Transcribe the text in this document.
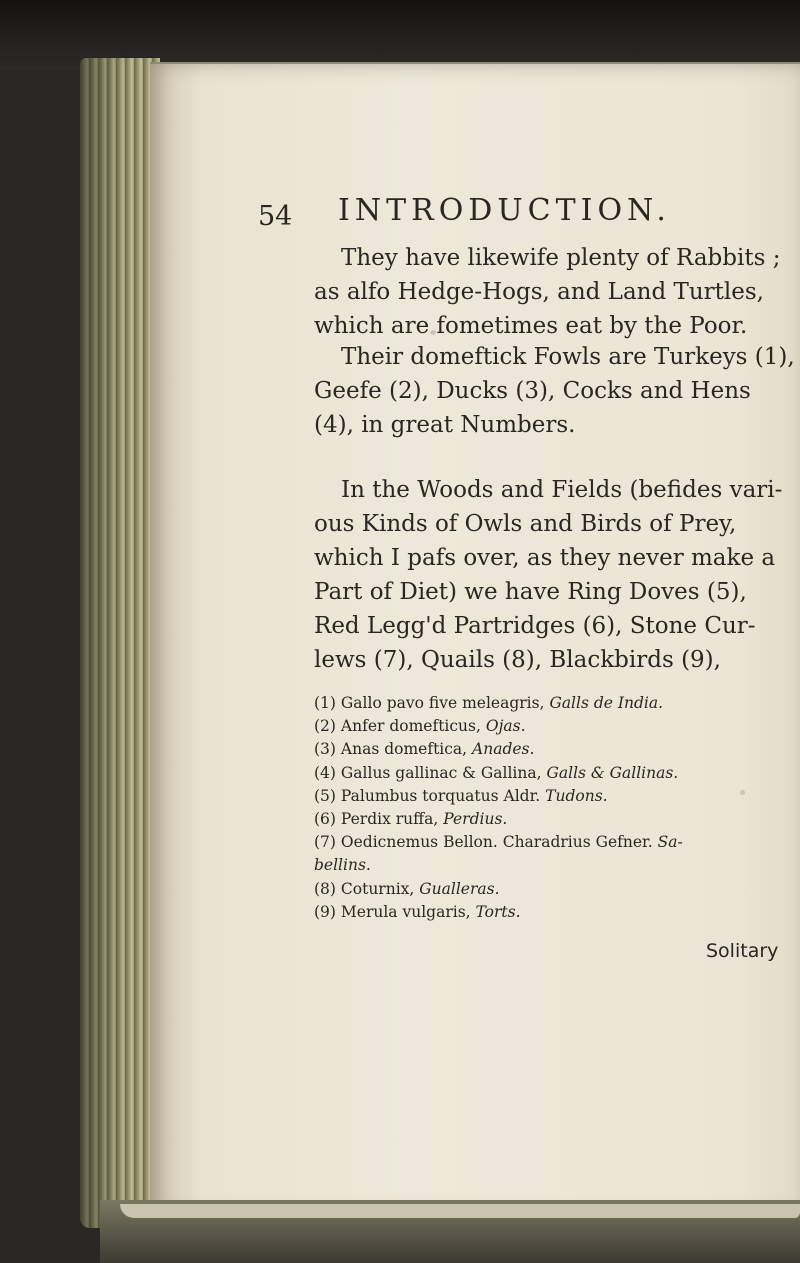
54 INTRODUCTION.
They have likewife plenty of Rabbits ;
as alfo Hedge-Hogs, and Land Turtles,
which are fometimes eat by the Poor.
Their domeftick Fowls are Turkeys (1),
Geefe (2), Ducks (3), Cocks and Hens
(4), in great Numbers.
In the Woods and Fields (befides vari-
ous Kinds of Owls and Birds of Prey,
which I pafs over, as they never make a
Part of Diet) we have Ring Doves (5),
Red Legg'd Partridges (6), Stone Cur-
lews (7), Quails (8), Blackbirds (9),
(1) Gallo pavo five meleagris, Galls de India.
(2) Anfer domefticus, Ojas.
(3) Anas domeftica, Anades.
(4) Gallus gallinac & Gallina, Galls & Gallinas.
(5) Palumbus torquatus Aldr. Tudons.
(6) Perdix ruffa, Perdius.
(7) Oedicnemus Bellon. Charadrius Gefner. Sa-
bellins.
(8) Coturnix, Gualleras.
(9) Merula vulgaris, Torts.
Solitary
